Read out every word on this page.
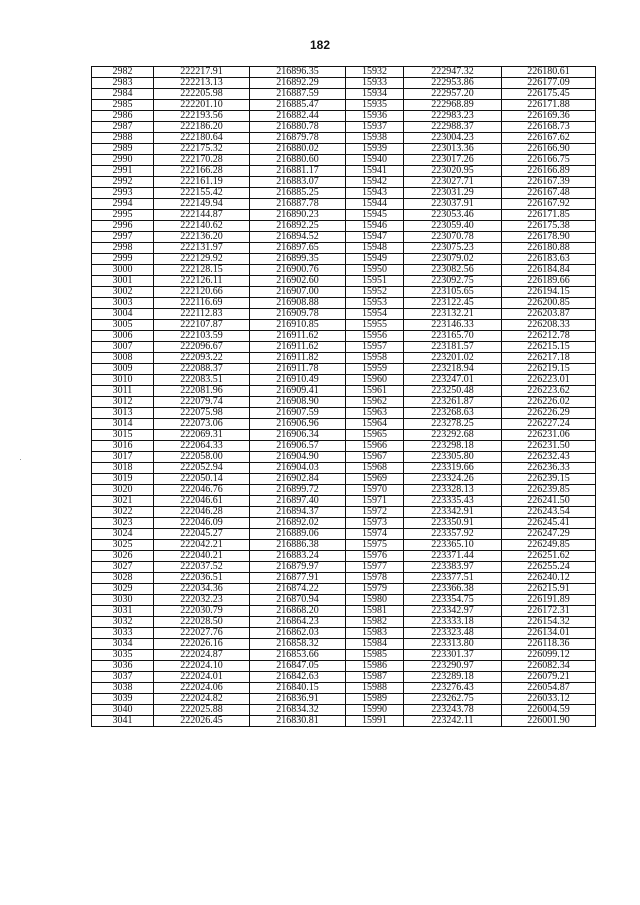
182
2982	222217.91	216896.35	15932	222947.32	226180.61
2983	222213.13	216892.29	15933	222953.86	226177.09
2984	222205.98	216887.59	15934	222957.20	226175.45
2985	222201.10	216885.47	15935	222968.89	226171.88
2986	222193.56	216882.44	15936	222983.23	226169.36
2987	222186.20	216880.78	15937	222988.37	226168.73
2988	222180.64	216879.78	15938	223004.23	226167.62
2989	222175.32	216880.02	15939	223013.36	226166.90
2990	222170.28	216880.60	15940	223017.26	226166.75
2991	222166.28	216881.17	15941	223020.95	226166.89
2992	222161.19	216883.07	15942	223027.71	226167.39
2993	222155.42	216885.25	15943	223031.29	226167.48
2994	222149.94	216887.78	15944	223037.91	226167.92
2995	222144.87	216890.23	15945	223053.46	226171.85
2996	222140.62	216892.25	15946	223059.40	226175.38
2997	222136.20	216894.52	15947	223070.78	226178.90
2998	222131.97	216897.65	15948	223075.23	226180.88
2999	222129.92	216899.35	15949	223079.02	226183.63
3000	222128.15	216900.76	15950	223082.56	226184.84
3001	222126.11	216902.60	15951	223092.75	226189.66
3002	222120.66	216907.00	15952	223105.65	226194.15
3003	222116.69	216908.88	15953	223122.45	226200.85
3004	222112.83	216909.78	15954	223132.21	226203.87
3005	222107.87	216910.85	15955	223146.33	226208.33
3006	222103.59	216911.62	15956	223165.70	226212.78
3007	222096.67	216911.62	15957	223181.57	226215.15
3008	222093.22	216911.82	15958	223201.02	226217.18
3009	222088.37	216911.78	15959	223218.94	226219.15
3010	222083.51	216910.49	15960	223247.01	226223.01
3011	222081.96	216909.41	15961	223250.48	226223.62
3012	222079.74	216908.90	15962	223261.87	226226.02
3013	222075.98	216907.59	15963	223268.63	226226.29
3014	222073.06	216906.96	15964	223278.25	226227.24
3015	222069.31	216906.34	15965	223292.68	226231.06
3016	222064.33	216906.57	15966	223298.18	226231.50
3017	222058.00	216904.90	15967	223305.80	226232.43
3018	222052.94	216904.03	15968	223319.66	226236.33
3019	222050.14	216902.84	15969	223324.26	226239.15
3020	222046.76	216899.72	15970	223328.13	226239.85
3021	222046.61	216897.40	15971	223335.43	226241.50
3022	222046.28	216894.37	15972	223342.91	226243.54
3023	222046.09	216892.02	15973	223350.91	226245.41
3024	222045.27	216889.06	15974	223357.92	226247.29
3025	222042.21	216886.38	15975	223365.10	226249.85
3026	222040.21	216883.24	15976	223371.44	226251.62
3027	222037.52	216879.97	15977	223383.97	226255.24
3028	222036.51	216877.91	15978	223377.51	226240.12
3029	222034.36	216874.22	15979	223366.38	226215.91
3030	222032.23	216870.94	15980	223354.75	226191.89
3031	222030.79	216868.20	15981	223342.97	226172.31
3032	222028.50	216864.23	15982	223333.18	226154.32
3033	222027.76	216862.03	15983	223323.48	226134.01
3034	222026.16	216858.32	15984	223313.80	226118.36
3035	222024.87	216853.66	15985	223301.37	226099.12
3036	222024.10	216847.05	15986	223290.97	226082.34
3037	222024.01	216842.63	15987	223289.18	226079.21
3038	222024.06	216840.15	15988	223276.43	226054.87
3039	222024.82	216836.91	15989	223262.75	226033.12
3040	222025.88	216834.32	15990	223243.78	226004.59
3041	222026.45	216830.81	15991	223242.11	226001.90
